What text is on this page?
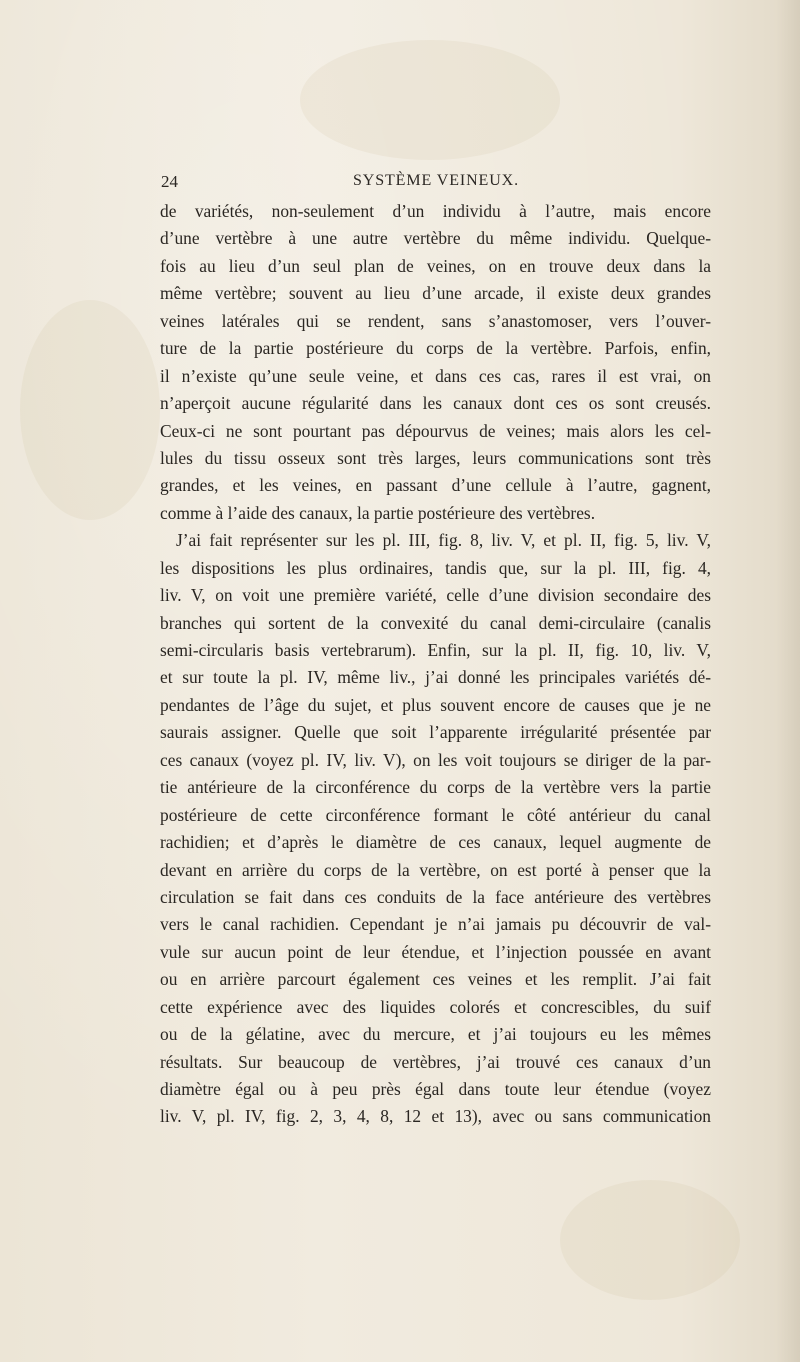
24	SYSTÈME VEINEUX.
de variétés, non-seulement d’un individu à l’autre, mais encore
d’une vertèbre à une autre vertèbre du même individu. Quelque-
fois au lieu d’un seul plan de veines, on en trouve deux dans la
même vertèbre; souvent au lieu d’une arcade, il existe deux grandes
veines latérales qui se rendent, sans s’anastomoser, vers l’ouver-
ture de la partie postérieure du corps de la vertèbre. Parfois, enfin,
il n’existe qu’une seule veine, et dans ces cas, rares il est vrai, on
n’aperçoit aucune régularité dans les canaux dont ces os sont creusés.
Ceux-ci ne sont pourtant pas dépourvus de veines; mais alors les cel-
lules du tissu osseux sont très larges, leurs communications sont très
grandes, et les veines, en passant d’une cellule à l’autre, gagnent,
comme à l’aide des canaux, la partie postérieure des vertèbres.
J’ai fait représenter sur les pl. III, fig. 8, liv. V, et pl. II, fig. 5, liv. V,
les dispositions les plus ordinaires, tandis que, sur la pl. III, fig. 4,
liv. V, on voit une première variété, celle d’une division secondaire des
branches qui sortent de la convexité du canal demi-circulaire (canalis
semi-circularis basis vertebrarum). Enfin, sur la pl. II, fig. 10, liv. V,
et sur toute la pl. IV, même liv., j’ai donné les principales variétés dé-
pendantes de l’âge du sujet, et plus souvent encore de causes que je ne
saurais assigner. Quelle que soit l’apparente irrégularité présentée par
ces canaux (voyez pl. IV, liv. V), on les voit toujours se diriger de la par-
tie antérieure de la circonférence du corps de la vertèbre vers la partie
postérieure de cette circonférence formant le côté antérieur du canal
rachidien; et d’après le diamètre de ces canaux, lequel augmente de
devant en arrière du corps de la vertèbre, on est porté à penser que la
circulation se fait dans ces conduits de la face antérieure des vertèbres
vers le canal rachidien. Cependant je n’ai jamais pu découvrir de val-
vule sur aucun point de leur étendue, et l’injection poussée en avant
ou en arrière parcourt également ces veines et les remplit. J’ai fait
cette expérience avec des liquides colorés et concrescibles, du suif
ou de la gélatine, avec du mercure, et j’ai toujours eu les mêmes
résultats. Sur beaucoup de vertèbres, j’ai trouvé ces canaux d’un
diamètre égal ou à peu près égal dans toute leur étendue (voyez
liv. V, pl. IV, fig. 2, 3, 4, 8, 12 et 13), avec ou sans communication
